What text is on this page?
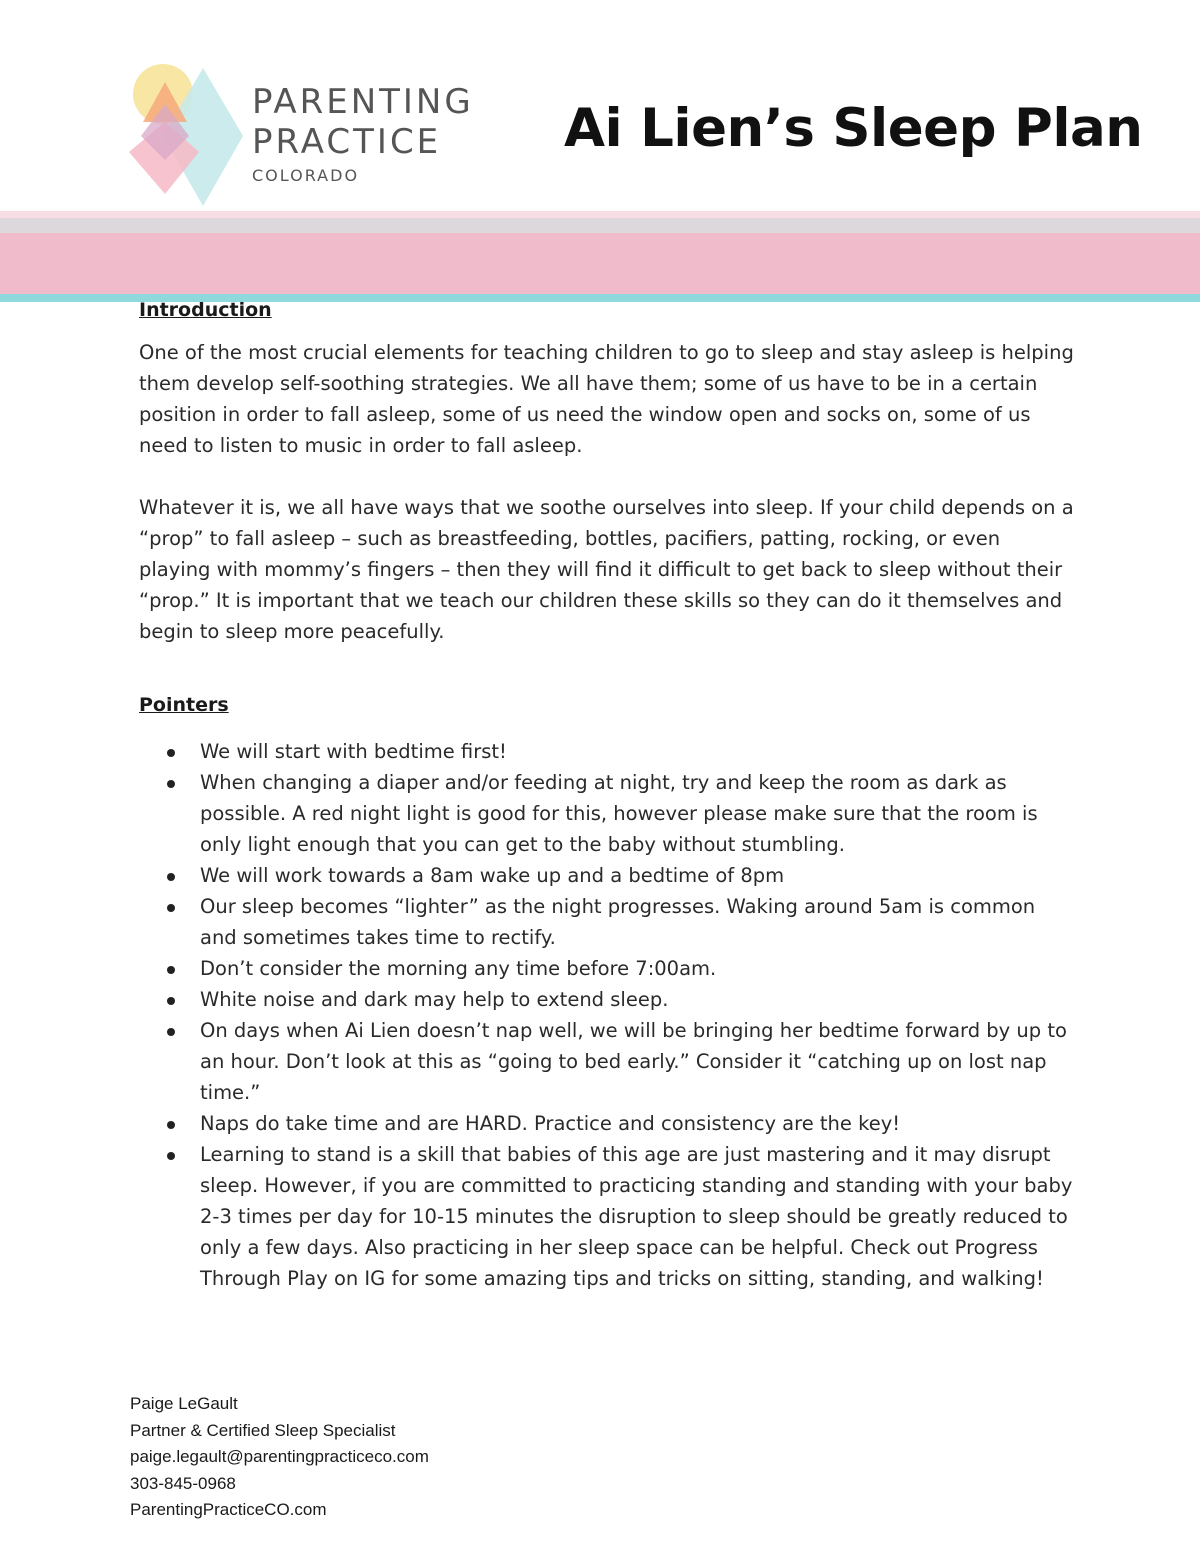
PARENTING
PRACTICE
COLORADO
Ai Lien’s Sleep Plan
Introduction

One of the most crucial elements for teaching children to go to sleep and stay asleep is helping them develop self-soothing strategies. We all have them; some of us have to be in a certain position in order to fall asleep, some of us need the window open and socks on, some of us need to listen to music in order to fall asleep.

Whatever it is, we all have ways that we soothe ourselves into sleep. If your child depends on a “prop” to fall asleep – such as breastfeeding, bottles, pacifiers, patting, rocking, or even playing with mommy’s fingers – then they will find it difficult to get back to sleep without their “prop.” It is important that we teach our children these skills so they can do it themselves and begin to sleep more peacefully.

Pointers
We will start with bedtime first!
When changing a diaper and/or feeding at night, try and keep the room as dark as possible. A red night light is good for this, however please make sure that the room is only light enough that you can get to the baby without stumbling.
We will work towards a 8am wake up and a bedtime of 8pm
Our sleep becomes “lighter” as the night progresses. Waking around 5am is common and sometimes takes time to rectify.
Don’t consider the morning any time before 7:00am.
White noise and dark may help to extend sleep.
On days when Ai Lien doesn’t nap well, we will be bringing her bedtime forward by up to an hour. Don’t look at this as “going to bed early.” Consider it “catching up on lost nap time.”
Naps do take time and are HARD. Practice and consistency are the key!
Learning to stand is a skill that babies of this age are just mastering and it may disrupt sleep. However, if you are committed to practicing standing and standing with your baby 2-3 times per day for 10-15 minutes the disruption to sleep should be greatly reduced to only a few days. Also practicing in her sleep space can be helpful. Check out Progress Through Play on IG for some amazing tips and tricks on sitting, standing, and walking!
Paige LeGault
Partner & Certified Sleep Specialist
paige.legault@parentingpracticeco.com
303-845-0968
ParentingPracticeCO.com
